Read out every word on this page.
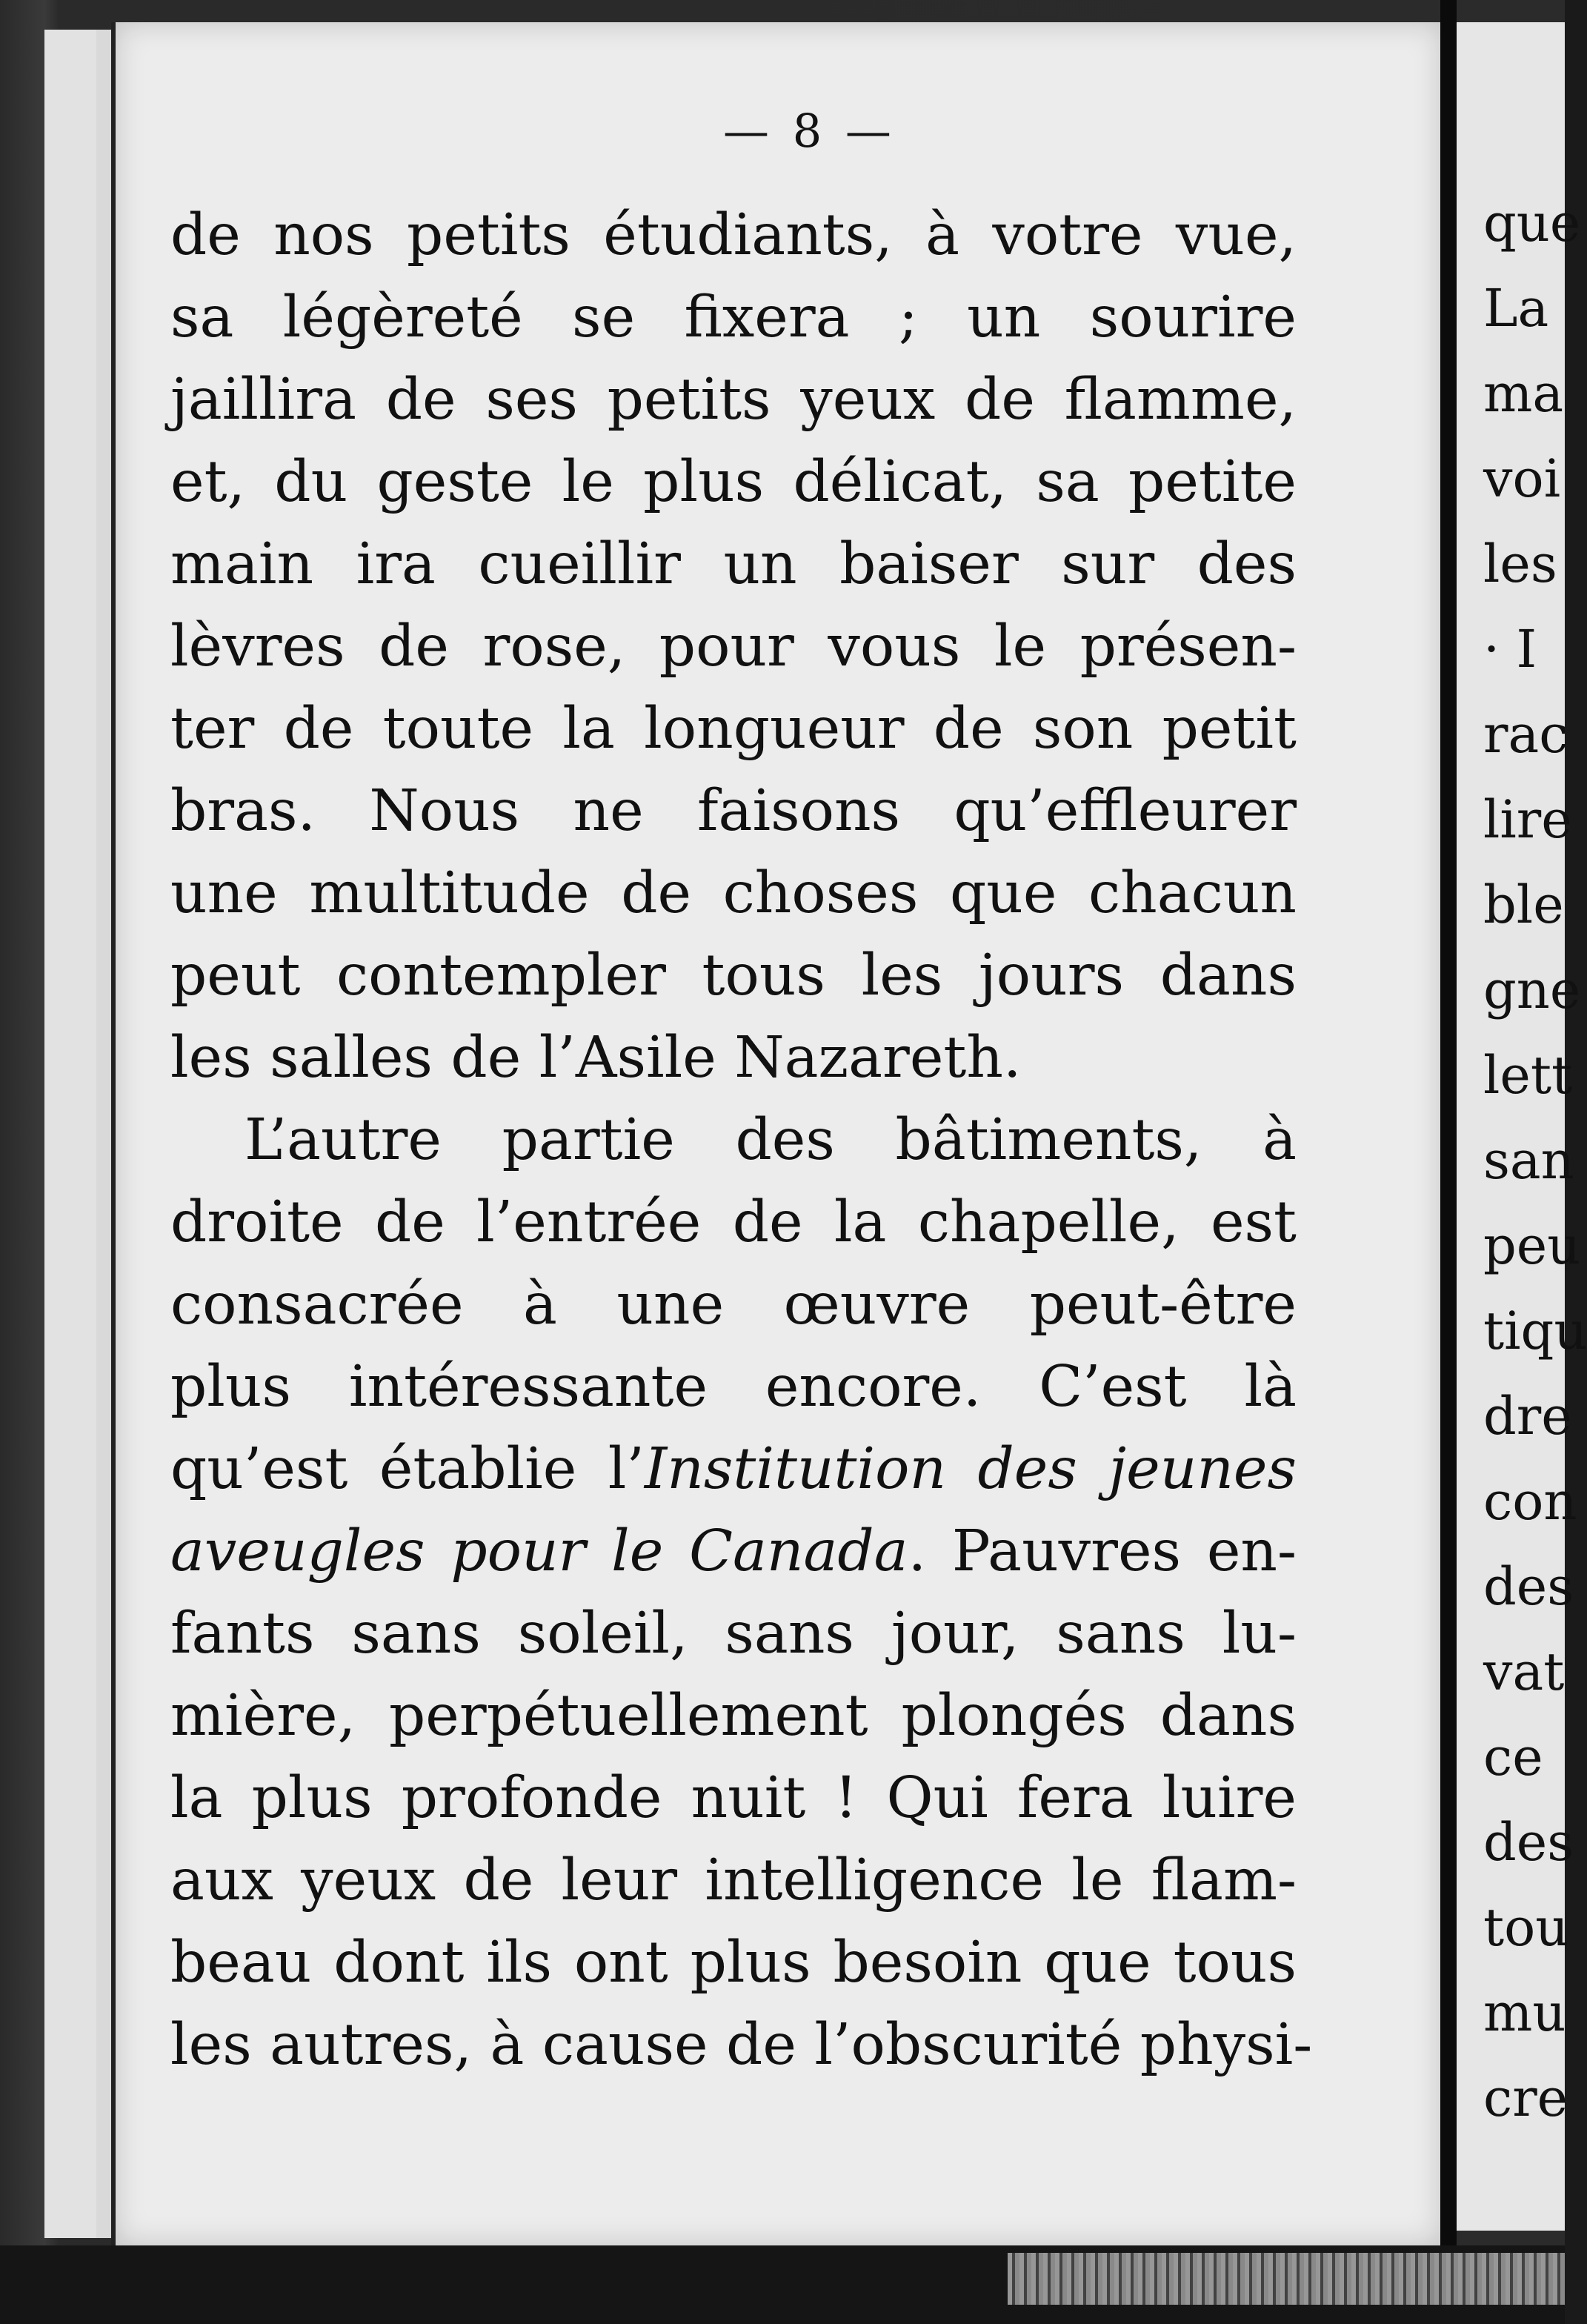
— 8 —
de nos petits étudiants, à votre vue,
sa légèreté se fixera ; un sourire
jaillira de ses petits yeux de flamme,
et, du geste le plus délicat, sa petite
main ira cueillir un baiser sur des
lèvres de rose, pour vous le présen-
ter de toute la longueur de son petit
bras. Nous ne faisons qu’effleurer
une multitude de choses que chacun
peut contempler tous les jours dans
les salles de l’Asile Nazareth.
L’autre partie des bâtiments, à
droite de l’entrée de la chapelle, est
consacrée à une œuvre peut-être
plus intéressante encore. C’est là
qu’est établie l’Institution des jeunes
aveugles pour le Canada. Pauvres en-
fants sans soleil, sans jour, sans lu-
mière, perpétuellement plongés dans
la plus profonde nuit ! Qui fera luire
aux yeux de leur intelligence le flam-
beau dont ils ont plus besoin que tous
les autres, à cause de l’obscurité physi-
que
La
ma
voi
les
· I
rac
lire
ble
gne
lett
san
peu
tiqu
dre
con
des
vat
ce
des
tou
mu
cre
